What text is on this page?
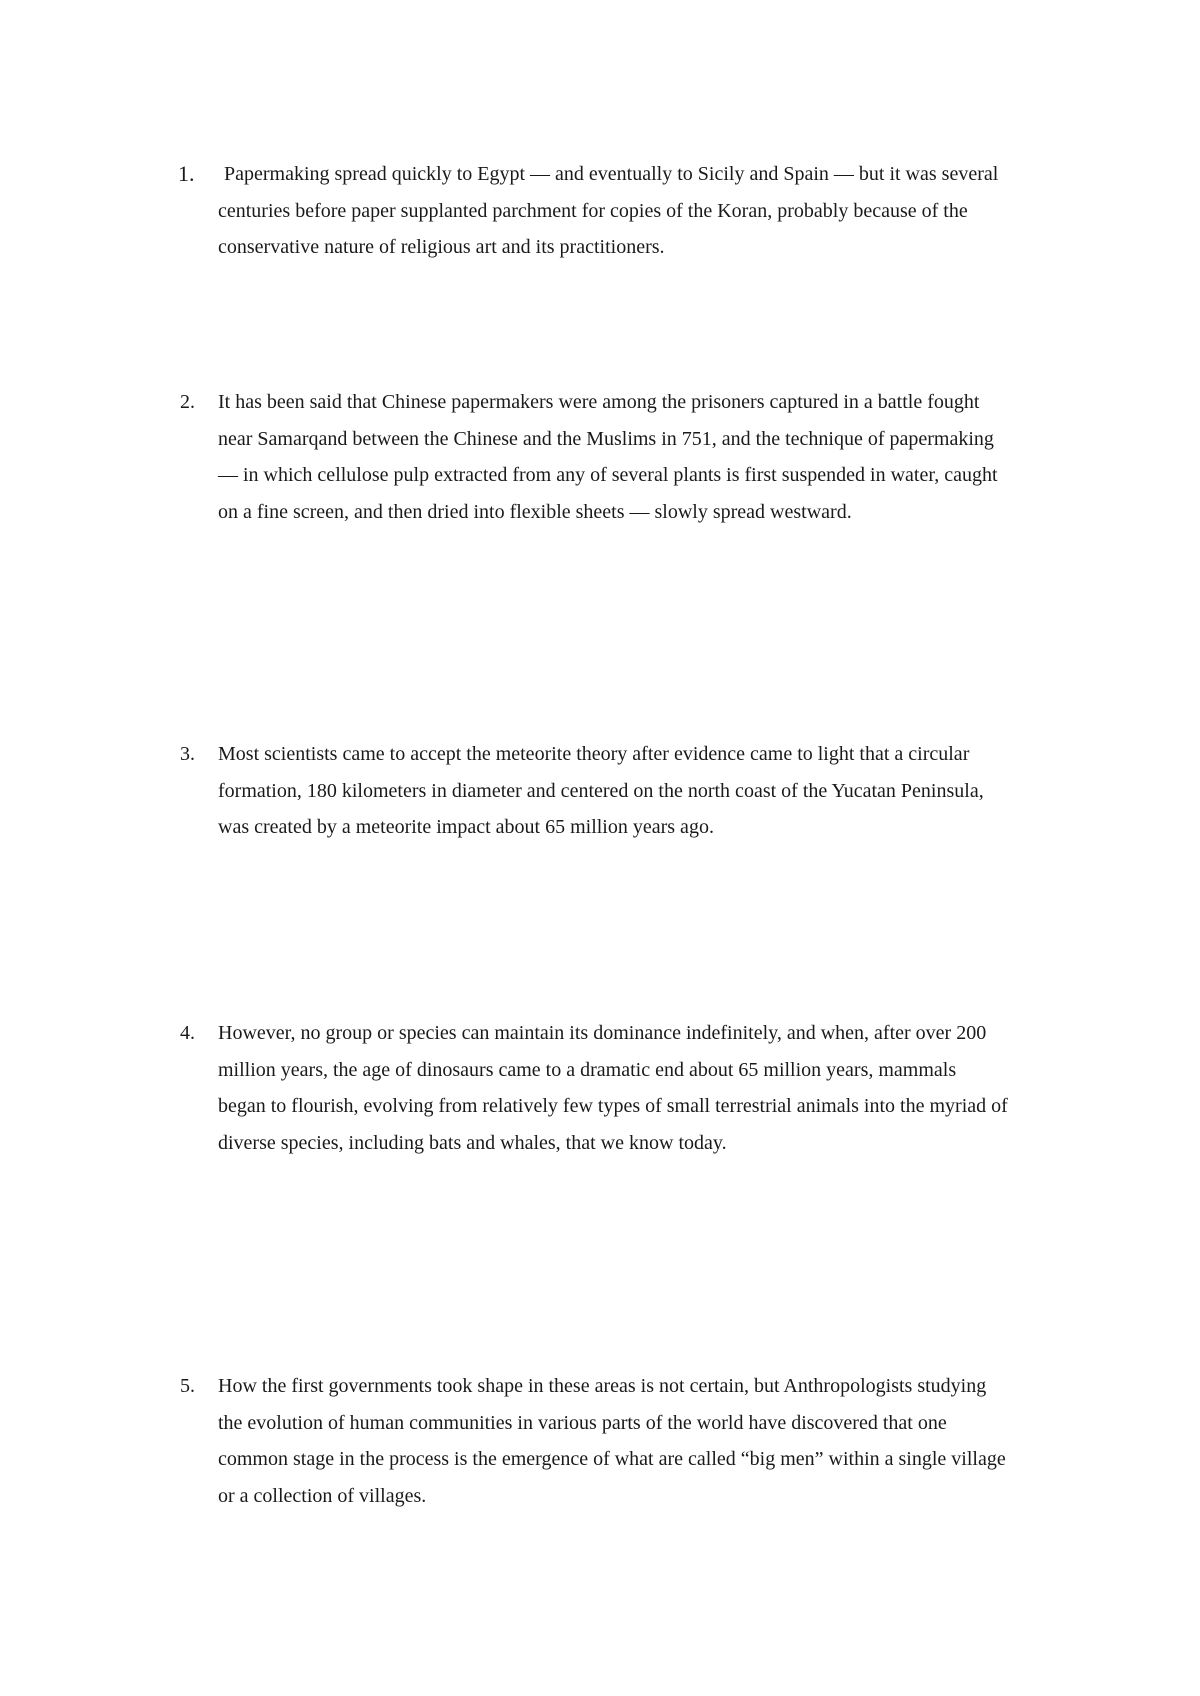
1.	Papermaking spread quickly to Egypt — and eventually to Sicily and Spain — but it was several centuries before paper supplanted parchment for copies of the Koran, probably because of the conservative nature of religious art and its practitioners.
2.	It has been said that Chinese papermakers were among the prisoners captured in a battle fought near Samarqand between the Chinese and the Muslims in 751, and the technique of papermaking — in which cellulose pulp extracted from any of several plants is first suspended in water, caught on a fine screen, and then dried into flexible sheets — slowly spread westward.
3.	Most scientists came to accept the meteorite theory after evidence came to light that a circular formation, 180 kilometers in diameter and centered on the north coast of the Yucatan Peninsula, was created by a meteorite impact about 65 million years ago.
4.	However, no group or species can maintain its dominance indefinitely, and when, after over 200 million years, the age of dinosaurs came to a dramatic end about 65 million years, mammals began to flourish, evolving from relatively few types of small terrestrial animals into the myriad of diverse species, including bats and whales, that we know today.
5.	How the first governments took shape in these areas is not certain, but Anthropologists studying the evolution of human communities in various parts of the world have discovered that one common stage in the process is the emergence of what are called “big men” within a single village or a collection of villages.
